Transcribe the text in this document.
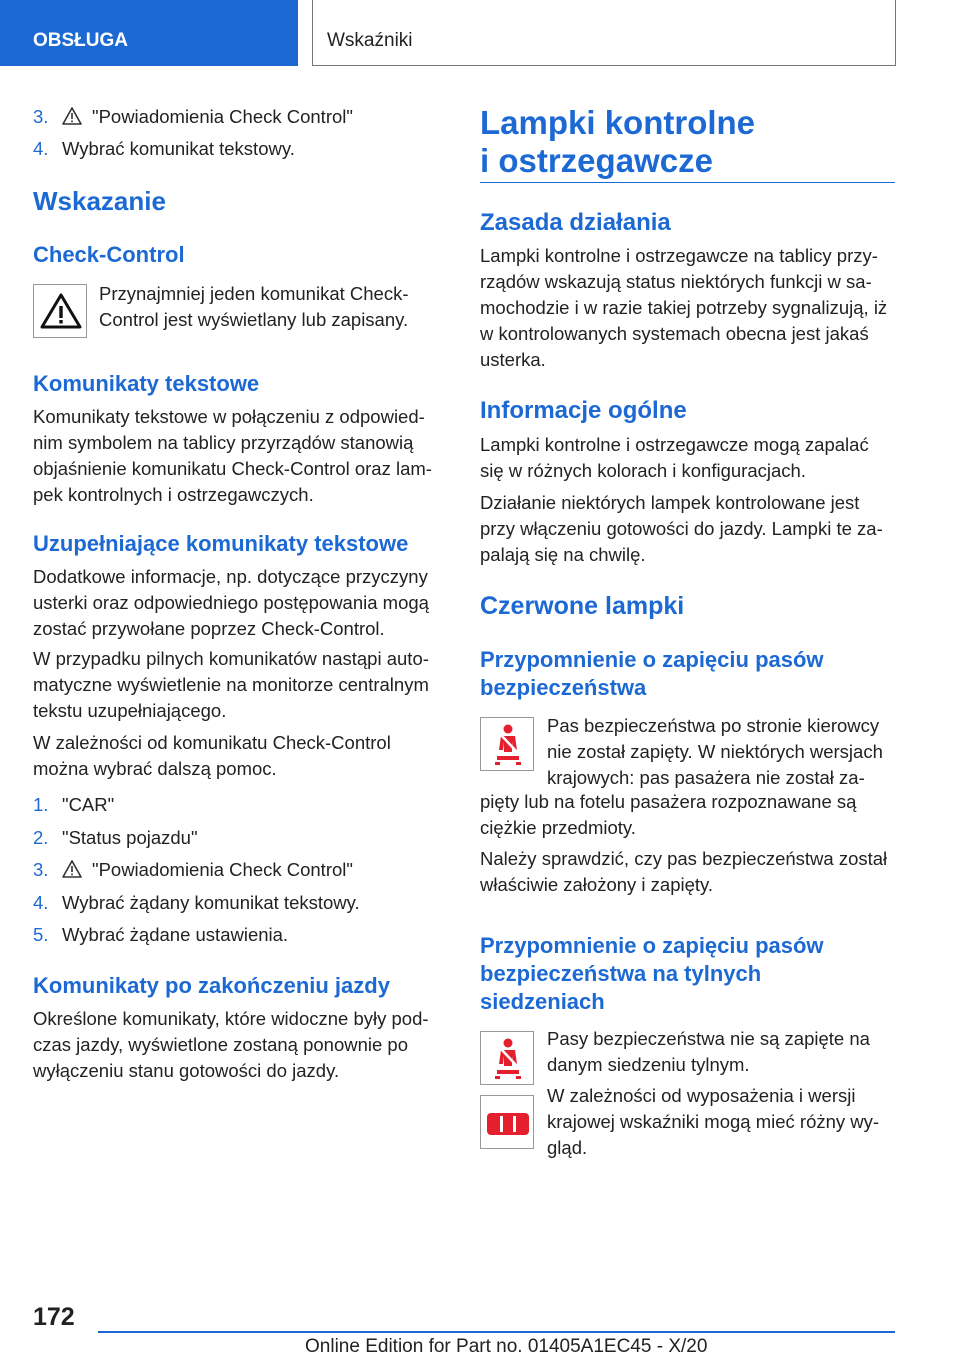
OBSŁUGA	Wskaźniki
3.	"Powiadomienia Check Control"
4. Wybrać komunikat tekstowy.
Wskazanie
Check-Control
Przynajmniej jeden komunikat Check-
Control jest wyświetlany lub zapisany.
Komunikaty tekstowe
Komunikaty tekstowe w połączeniu z odpowied-
nim symbolem na tablicy przyrządów stanowią
objaśnienie komunikatu Check-Control oraz lam-
pek kontrolnych i ostrzegawczych.
Uzupełniające komunikaty tekstowe
Dodatkowe informacje, np. dotyczące przyczyny
usterki oraz odpowiedniego postępowania mogą
zostać przywołane poprzez Check-Control.
W przypadku pilnych komunikatów nastąpi auto-
matyczne wyświetlenie na monitorze centralnym
tekstu uzupełniającego.
W zależności od komunikatu Check-Control
można wybrać dalszą pomoc.
1. "CAR"
2. "Status pojazdu"
3.	"Powiadomienia Check Control"
4. Wybrać żądany komunikat tekstowy.
5. Wybrać żądane ustawienia.
Komunikaty po zakończeniu jazdy
Określone komunikaty, które widoczne były pod-
czas jazdy, wyświetlone zostaną ponownie po
wyłączeniu stanu gotowości do jazdy.
Lampki kontrolne
i ostrzegawcze
Zasada działania
Lampki kontrolne i ostrzegawcze na tablicy przy-
rządów wskazują status niektórych funkcji w sa-
mochodzie i w razie takiej potrzeby sygnalizują, iż
w kontrolowanych systemach obecna jest jakaś
usterka.
Informacje ogólne
Lampki kontrolne i ostrzegawcze mogą zapalać
się w różnych kolorach i konfiguracjach.
Działanie niektórych lampek kontrolowane jest
przy włączeniu gotowości do jazdy. Lampki te za-
palają się na chwilę.
Czerwone lampki
Przypomnienie o zapięciu pasów
bezpieczeństwa
Pas bezpieczeństwa po stronie kierowcy
nie został zapięty. W niektórych wersjach
krajowych: pas pasażera nie został za-
pięty lub na fotelu pasażera rozpoznawane są
ciężkie przedmioty.
Należy sprawdzić, czy pas bezpieczeństwa został
właściwie założony i zapięty.
Przypomnienie o zapięciu pasów
bezpieczeństwa na tylnych
siedzeniach
Pasy bezpieczeństwa nie są zapięte na
danym siedzeniu tylnym.
W zależności od wyposażenia i wersji
krajowej wskaźniki mogą mieć różny wy-
gląd.
172
Online Edition for Part no. 01405A1EC45 - X/20
